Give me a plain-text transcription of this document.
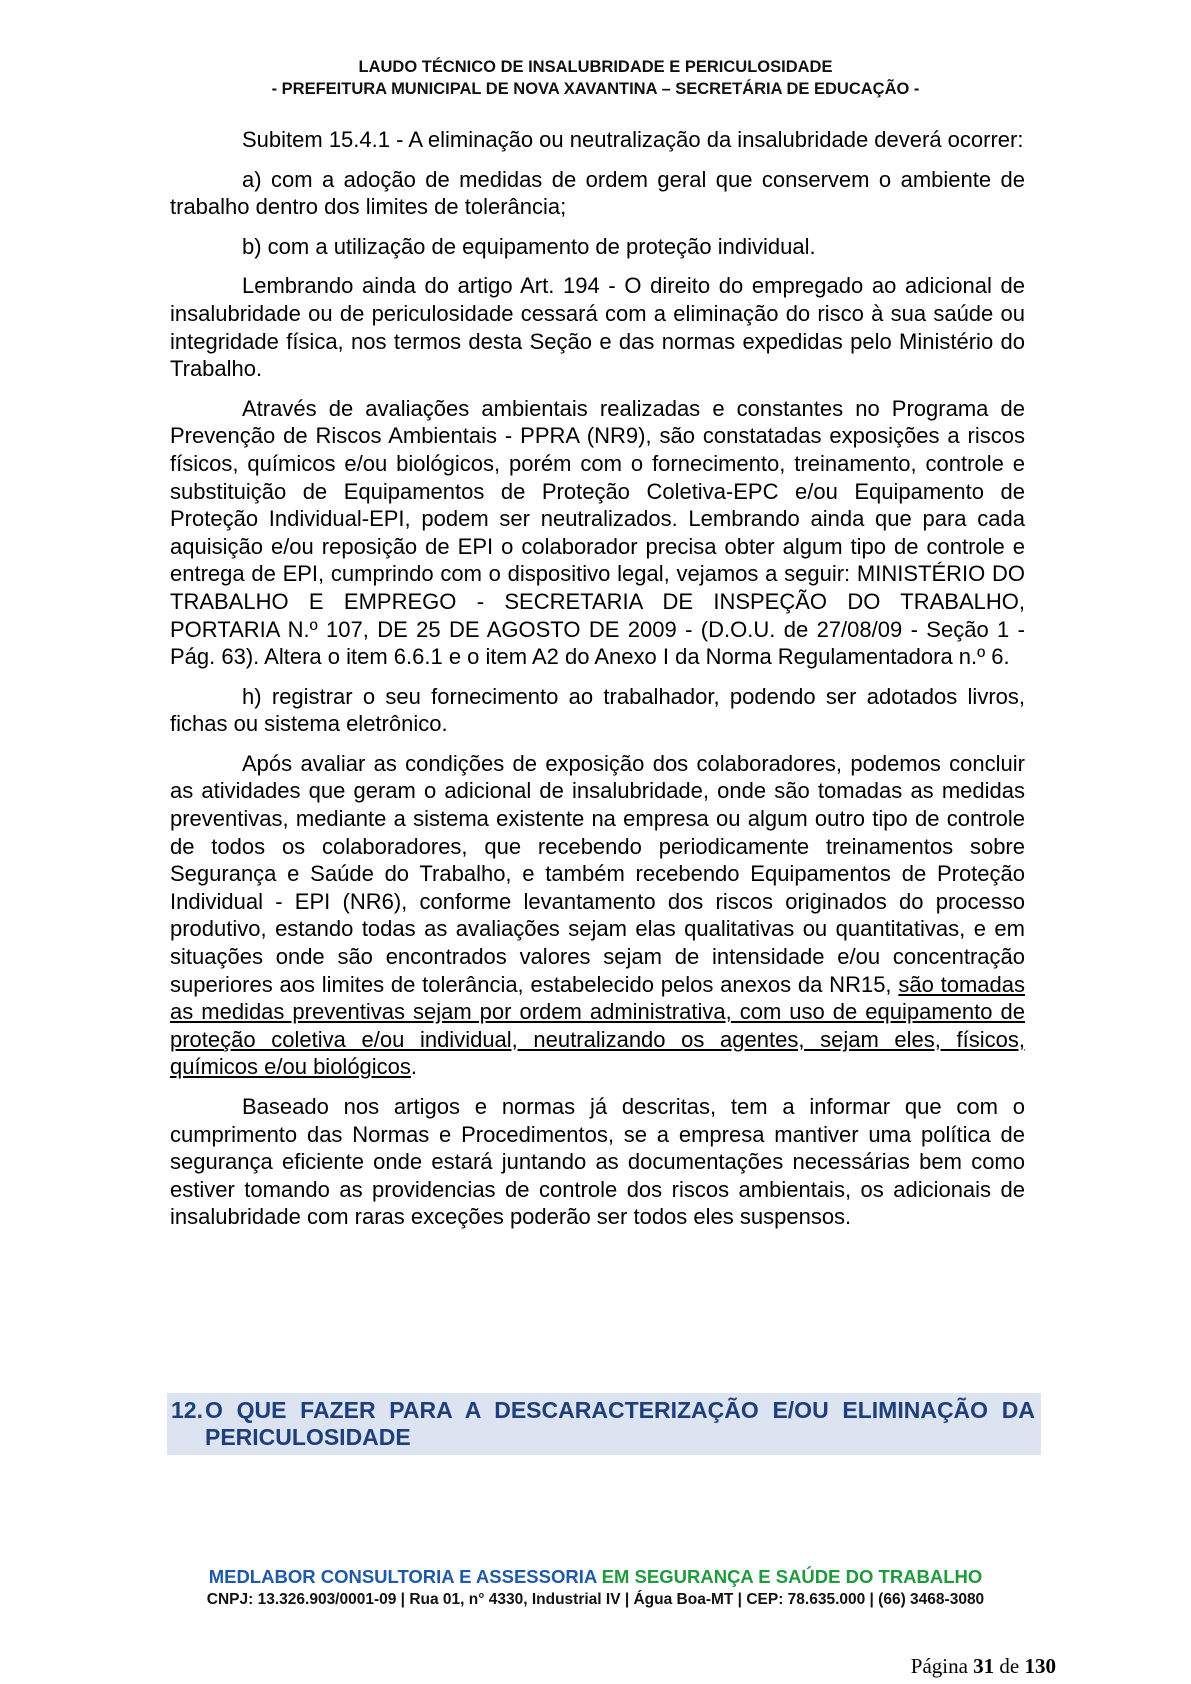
LAUDO TÉCNICO DE INSALUBRIDADE E PERICULOSIDADE
- PREFEITURA MUNICIPAL DE NOVA XAVANTINA – SECRETÁRIA DE EDUCAÇÃO -

Subitem 15.4.1 - A eliminação ou neutralização da insalubridade deverá ocorrer:

a) com a adoção de medidas de ordem geral que conservem o ambiente de trabalho dentro dos limites de tolerância;

b) com a utilização de equipamento de proteção individual.

Lembrando ainda do artigo Art. 194 - O direito do empregado ao adicional de insalubridade ou de periculosidade cessará com a eliminação do risco à sua saúde ou integridade física, nos termos desta Seção e das normas expedidas pelo Ministério do Trabalho.

Através de avaliações ambientais realizadas e constantes no Programa de Prevenção de Riscos Ambientais - PPRA (NR9), são constatadas exposições a riscos físicos, químicos e/ou biológicos, porém com o fornecimento, treinamento, controle e substituição de Equipamentos de Proteção Coletiva-EPC e/ou Equipamento de Proteção Individual-EPI, podem ser neutralizados. Lembrando ainda que para cada aquisição e/ou reposição de EPI o colaborador precisa obter algum tipo de controle e entrega de EPI, cumprindo com o dispositivo legal, vejamos a seguir: MINISTÉRIO DO TRABALHO E EMPREGO - SECRETARIA DE INSPEÇÃO DO TRABALHO, PORTARIA N.º 107, DE 25 DE AGOSTO DE 2009 - (D.O.U. de 27/08/09 - Seção 1 - Pág. 63). Altera o item 6.6.1 e o item A2 do Anexo I da Norma Regulamentadora n.º 6.

h) registrar o seu fornecimento ao trabalhador, podendo ser adotados livros, fichas ou sistema eletrônico.

Após avaliar as condições de exposição dos colaboradores, podemos concluir as atividades que geram o adicional de insalubridade, onde são tomadas as medidas preventivas, mediante a sistema existente na empresa ou algum outro tipo de controle de todos os colaboradores, que recebendo periodicamente treinamentos sobre Segurança e Saúde do Trabalho, e também recebendo Equipamentos de Proteção Individual - EPI (NR6), conforme levantamento dos riscos originados do processo produtivo, estando todas as avaliações sejam elas qualitativas ou quantitativas, e em situações onde são encontrados valores sejam de intensidade e/ou concentração superiores aos limites de tolerância, estabelecido pelos anexos da NR15, são tomadas as medidas preventivas sejam por ordem administrativa, com uso de equipamento de proteção coletiva e/ou individual, neutralizando os agentes, sejam eles, físicos, químicos e/ou biológicos.

Baseado nos artigos e normas já descritas, tem a informar que com o cumprimento das Normas e Procedimentos, se a empresa mantiver uma política de segurança eficiente onde estará juntando as documentações necessárias bem como estiver tomando as providencias de controle dos riscos ambientais, os adicionais de insalubridade com raras exceções poderão ser todos eles suspensos.

12. O QUE FAZER PARA A DESCARACTERIZAÇÃO E/OU ELIMINAÇÃO DA
PERICULOSIDADE
MEDLABOR CONSULTORIA E ASSESSORIA EM SEGURANÇA E SAÚDE DO TRABALHO
CNPJ: 13.326.903/0001-09 | Rua 01, n° 4330, Industrial IV | Água Boa-MT | CEP: 78.635.000 | (66) 3468-3080
Página 31 de 130
